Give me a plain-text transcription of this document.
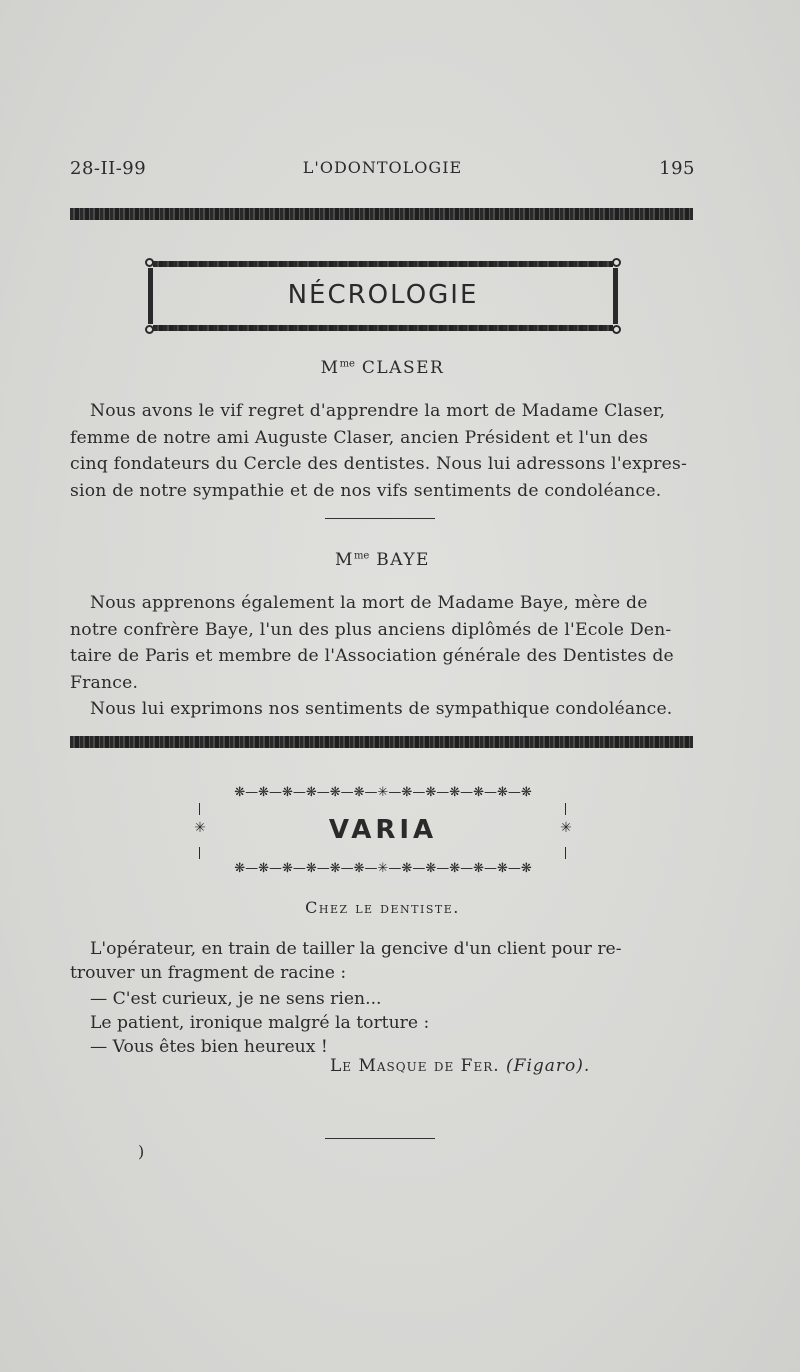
28-II-99	L'ODONTOLOGIE	195
NÉCROLOGIE
$M^{me}$ CLASER
Nous avons le vif regret d'apprendre la mort de Madame Claser,
femme de notre ami Auguste Claser, ancien Président et l'un des
cinq fondateurs du Cercle des dentistes. Nous lui adressons l'expres-
sion de notre sympathie et de nos vifs sentiments de condoléance.
$M^{me}$ BAYE
Nous apprenons également la mort de Madame Baye, mère de
notre confrère Baye, l'un des plus anciens diplômés de l'Ecole Den-
taire de Paris et membre de l'Association générale des Dentistes de
France.
Nous lui exprimons nos sentiments de sympathique condoléance.
❋—❋—❋—❋—❋—❋—✳—❋—❋—❋—❋—❋—❋
✳	✳
VARIA
❋—❋—❋—❋—❋—❋—✳—❋—❋—❋—❋—❋—❋
Chez le dentiste.
L'opérateur, en train de tailler la gencive d'un client pour re-
trouver un fragment de racine :
— C'est curieux, je ne sens rien...
Le patient, ironique malgré la torture :
— Vous êtes bien heureux !
Le Masque de Fer. (Figaro).
)
